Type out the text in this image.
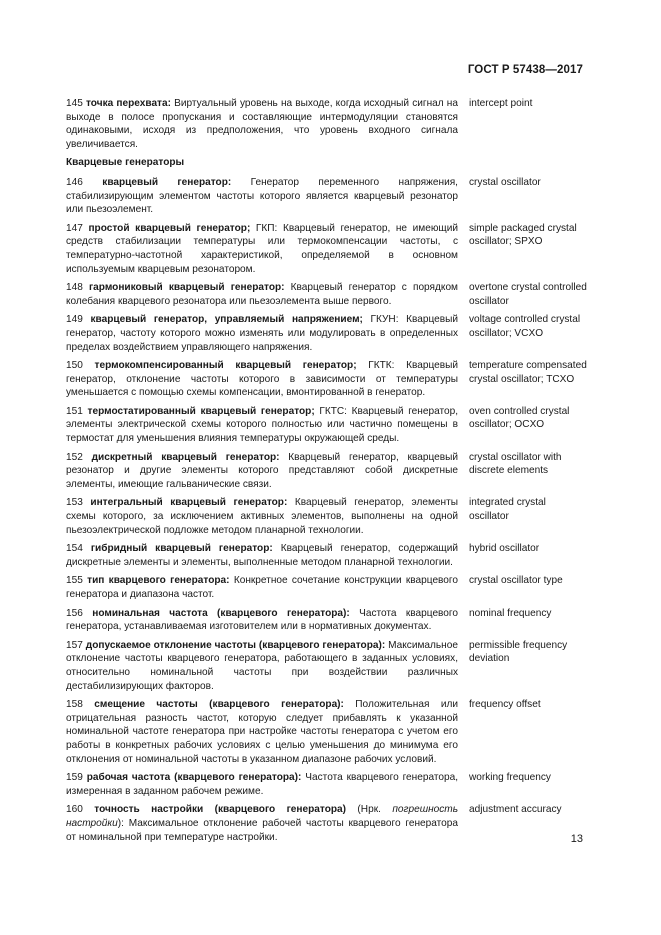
ГОСТ Р 57438—2017
145 точка перехвата: Виртуальный уровень на выходе, когда исходный сигнал на выходе в полосе пропускания и составляющие интермодуляции становятся одинаковыми, исходя из предположения, что уровень входного сигнала увеличивается.
intercept point
Кварцевые генераторы
146 кварцевый генератор: Генератор переменного напряжения, стабилизирующим элементом частоты которого является кварцевый резонатор или пьезоэлемент.
crystal oscillator
147 простой кварцевый генератор; ГКП: Кварцевый генератор, не имеющий средств стабилизации температуры или термокомпенсации частоты, с температурно-частотной характеристикой, определяемой в основном используемым кварцевым резонатором.
simple packaged crystal oscillator; SPXO
148 гармониковый кварцевый генератор: Кварцевый генератор с порядком колебания кварцевого резонатора или пьезоэлемента выше первого.
overtone crystal controlled oscillator
149 кварцевый генератор, управляемый напряжением; ГКУН: Кварцевый генератор, частоту которого можно изменять или модулировать в определенных пределах воздействием управляющего напряжения.
voltage controlled crystal oscillator; VCXO
150 термокомпенсированный кварцевый генератор; ГКТК: Кварцевый генератор, отклонение частоты которого в зависимости от температуры уменьшается с помощью схемы компенсации, вмонтированной в генератор.
temperature compensated crystal oscillator; TCXO
151 термостатированный кварцевый генератор; ГКТС: Кварцевый генератор, элементы электрической схемы которого полностью или частично помещены в термостат для уменьшения влияния температуры окружающей среды.
oven controlled crystal oscillator; OCXO
152 дискретный кварцевый генератор: Кварцевый генератор, кварцевый резонатор и другие элементы которого представляют собой дискретные элементы, имеющие гальванические связи.
crystal oscillator with discrete elements
153 интегральный кварцевый генератор: Кварцевый генератор, элементы схемы которого, за исключением активных элементов, выполнены на одной пьезоэлектрической подложке методом планарной технологии.
integrated crystal oscillator
154 гибридный кварцевый генератор: Кварцевый генератор, содержащий дискретные элементы и элементы, выполненные методом планарной технологии.
hybrid oscillator
155 тип кварцевого генератора: Конкретное сочетание конструкции кварцевого генератора и диапазона частот.
crystal oscillator type
156 номинальная частота (кварцевого генератора): Частота кварцевого генератора, устанавливаемая изготовителем или в нормативных документах.
nominal frequency
157 допускаемое отклонение частоты (кварцевого генератора): Максимальное отклонение частоты кварцевого генератора, работающего в заданных условиях, относительно номинальной частоты при воздействии различных дестабилизирующих факторов.
permissible frequency deviation
158 смещение частоты (кварцевого генератора): Положительная или отрицательная разность частот, которую следует прибавлять к указанной номинальной частоте генератора при настройке частоты генератора с учетом его работы в конкретных рабочих условиях с целью уменьшения до минимума его отклонения от номинальной частоты в указанном диапазоне рабочих условий.
frequency offset
159 рабочая частота (кварцевого генератора): Частота кварцевого генератора, измеренная в заданном рабочем режиме.
working frequency
160 точность настройки (кварцевого генератора) (Нрк. погрешность настройки): Максимальное отклонение рабочей частоты кварцевого генератора от номинальной при температуре настройки.
adjustment accuracy
13
